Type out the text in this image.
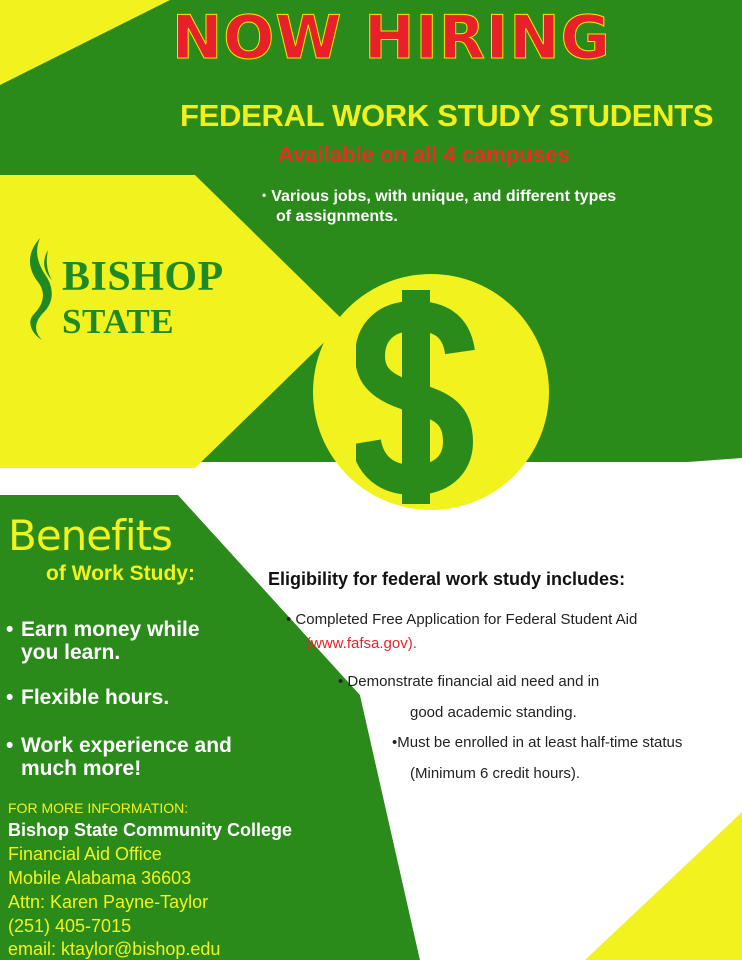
NOW HIRING
FEDERAL WORK STUDY STUDENTS
Available on all 4 campuses
• Various jobs, with unique, and different types
of assignments.
BISHOP
STATE
Benefits
of Work Study:
• Earn money while
you learn.
• Flexible hours.
• Work experience and
much more!
FOR MORE INFORMATION:
Bishop State Community College
Financial Aid Office
Mobile Alabama 36603
Attn: Karen Payne-Taylor
(251) 405-7015
email: ktaylor@bishop.edu
Eligibility for federal work study includes:
• Completed Free Application for Federal Student Aid
(www.fafsa.gov).
• Demonstrate financial aid need and in
good academic standing.
•Must be enrolled in at least half-time status
(Minimum 6 credit hours).
